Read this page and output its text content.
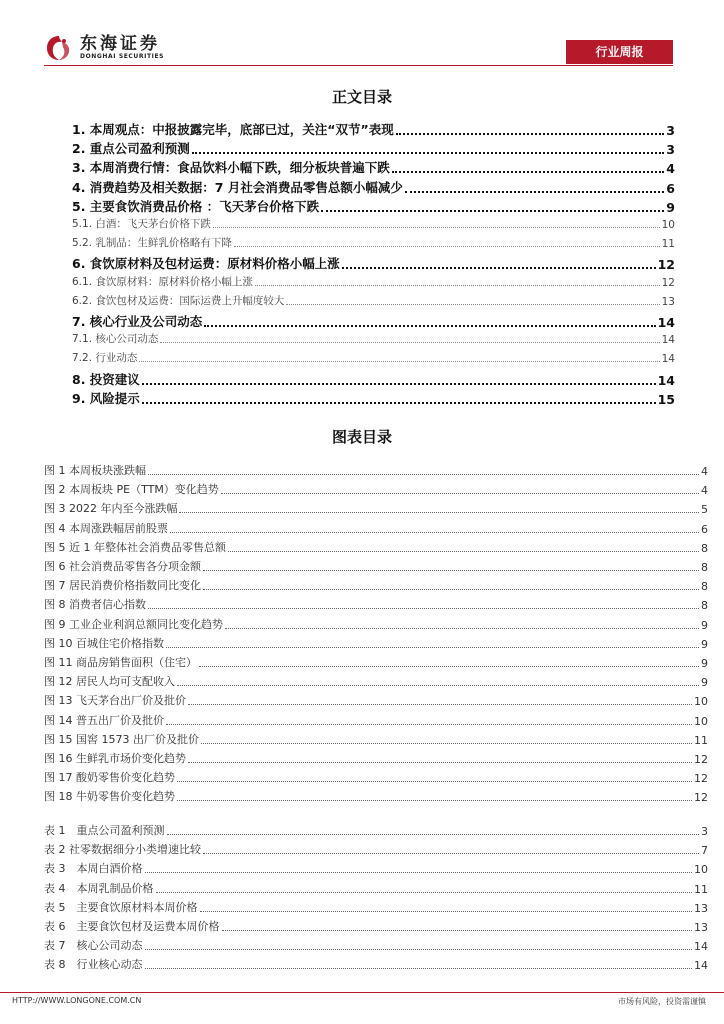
东海证券
DONGHAI SECURITIES	行业周报
正文目录
1. 本周观点：中报披露完毕，底部已过，关注“双节”表现	3
2. 重点公司盈利预测	3
3. 本周消费行情：食品饮料小幅下跌，细分板块普遍下跌	4
4. 消费趋势及相关数据：7 月社会消费品零售总额小幅减少	6
5. 主要食饮消费品价格 ：飞天茅台价格下跌	9
5.1. 白酒：飞天茅台价格下跌	10
5.2. 乳制品：生鲜乳价格略有下降	11
6. 食饮原材料及包材运费：原材料价格小幅上涨	12
6.1. 食饮原材料：原材料价格小幅上涨	12
6.2. 食饮包材及运费：国际运费上升幅度较大	13
7. 核心行业及公司动态	14
7.1. 核心公司动态	14
7.2. 行业动态	14
8. 投资建议	14
9. 风险提示	15
图表目录
图 1 本周板块涨跌幅	4
图 2 本周板块 PE（TTM）变化趋势	4
图 3 2022 年内至今涨跌幅	5
图 4 本周涨跌幅居前股票	6
图 5 近 1 年整体社会消费品零售总额	8
图 6 社会消费品零售各分项金额	8
图 7 居民消费价格指数同比变化	8
图 8 消费者信心指数	8
图 9 工业企业利润总额同比变化趋势	9
图 10 百城住宅价格指数	9
图 11 商品房销售面积（住宅）	9
图 12 居民人均可支配收入	9
图 13 飞天茅台出厂价及批价	10
图 14 普五出厂价及批价	10
图 15 国窖 1573 出厂价及批价	11
图 16 生鲜乳市场价变化趋势	12
图 17 酸奶零售价变化趋势	12
图 18 牛奶零售价变化趋势	12
表 1　重点公司盈利预测	3
表 2 社零数据细分小类增速比较	7
表 3　本周白酒价格	10
表 4　本周乳制品价格	11
表 5　主要食饮原材料本周价格	13
表 6　主要食饮包材及运费本周价格	13
表 7　核心公司动态	14
表 8　行业核心动态	14
HTTP://WWW.LONGONE.COM.CN	市场有风险，投资需谨慎
